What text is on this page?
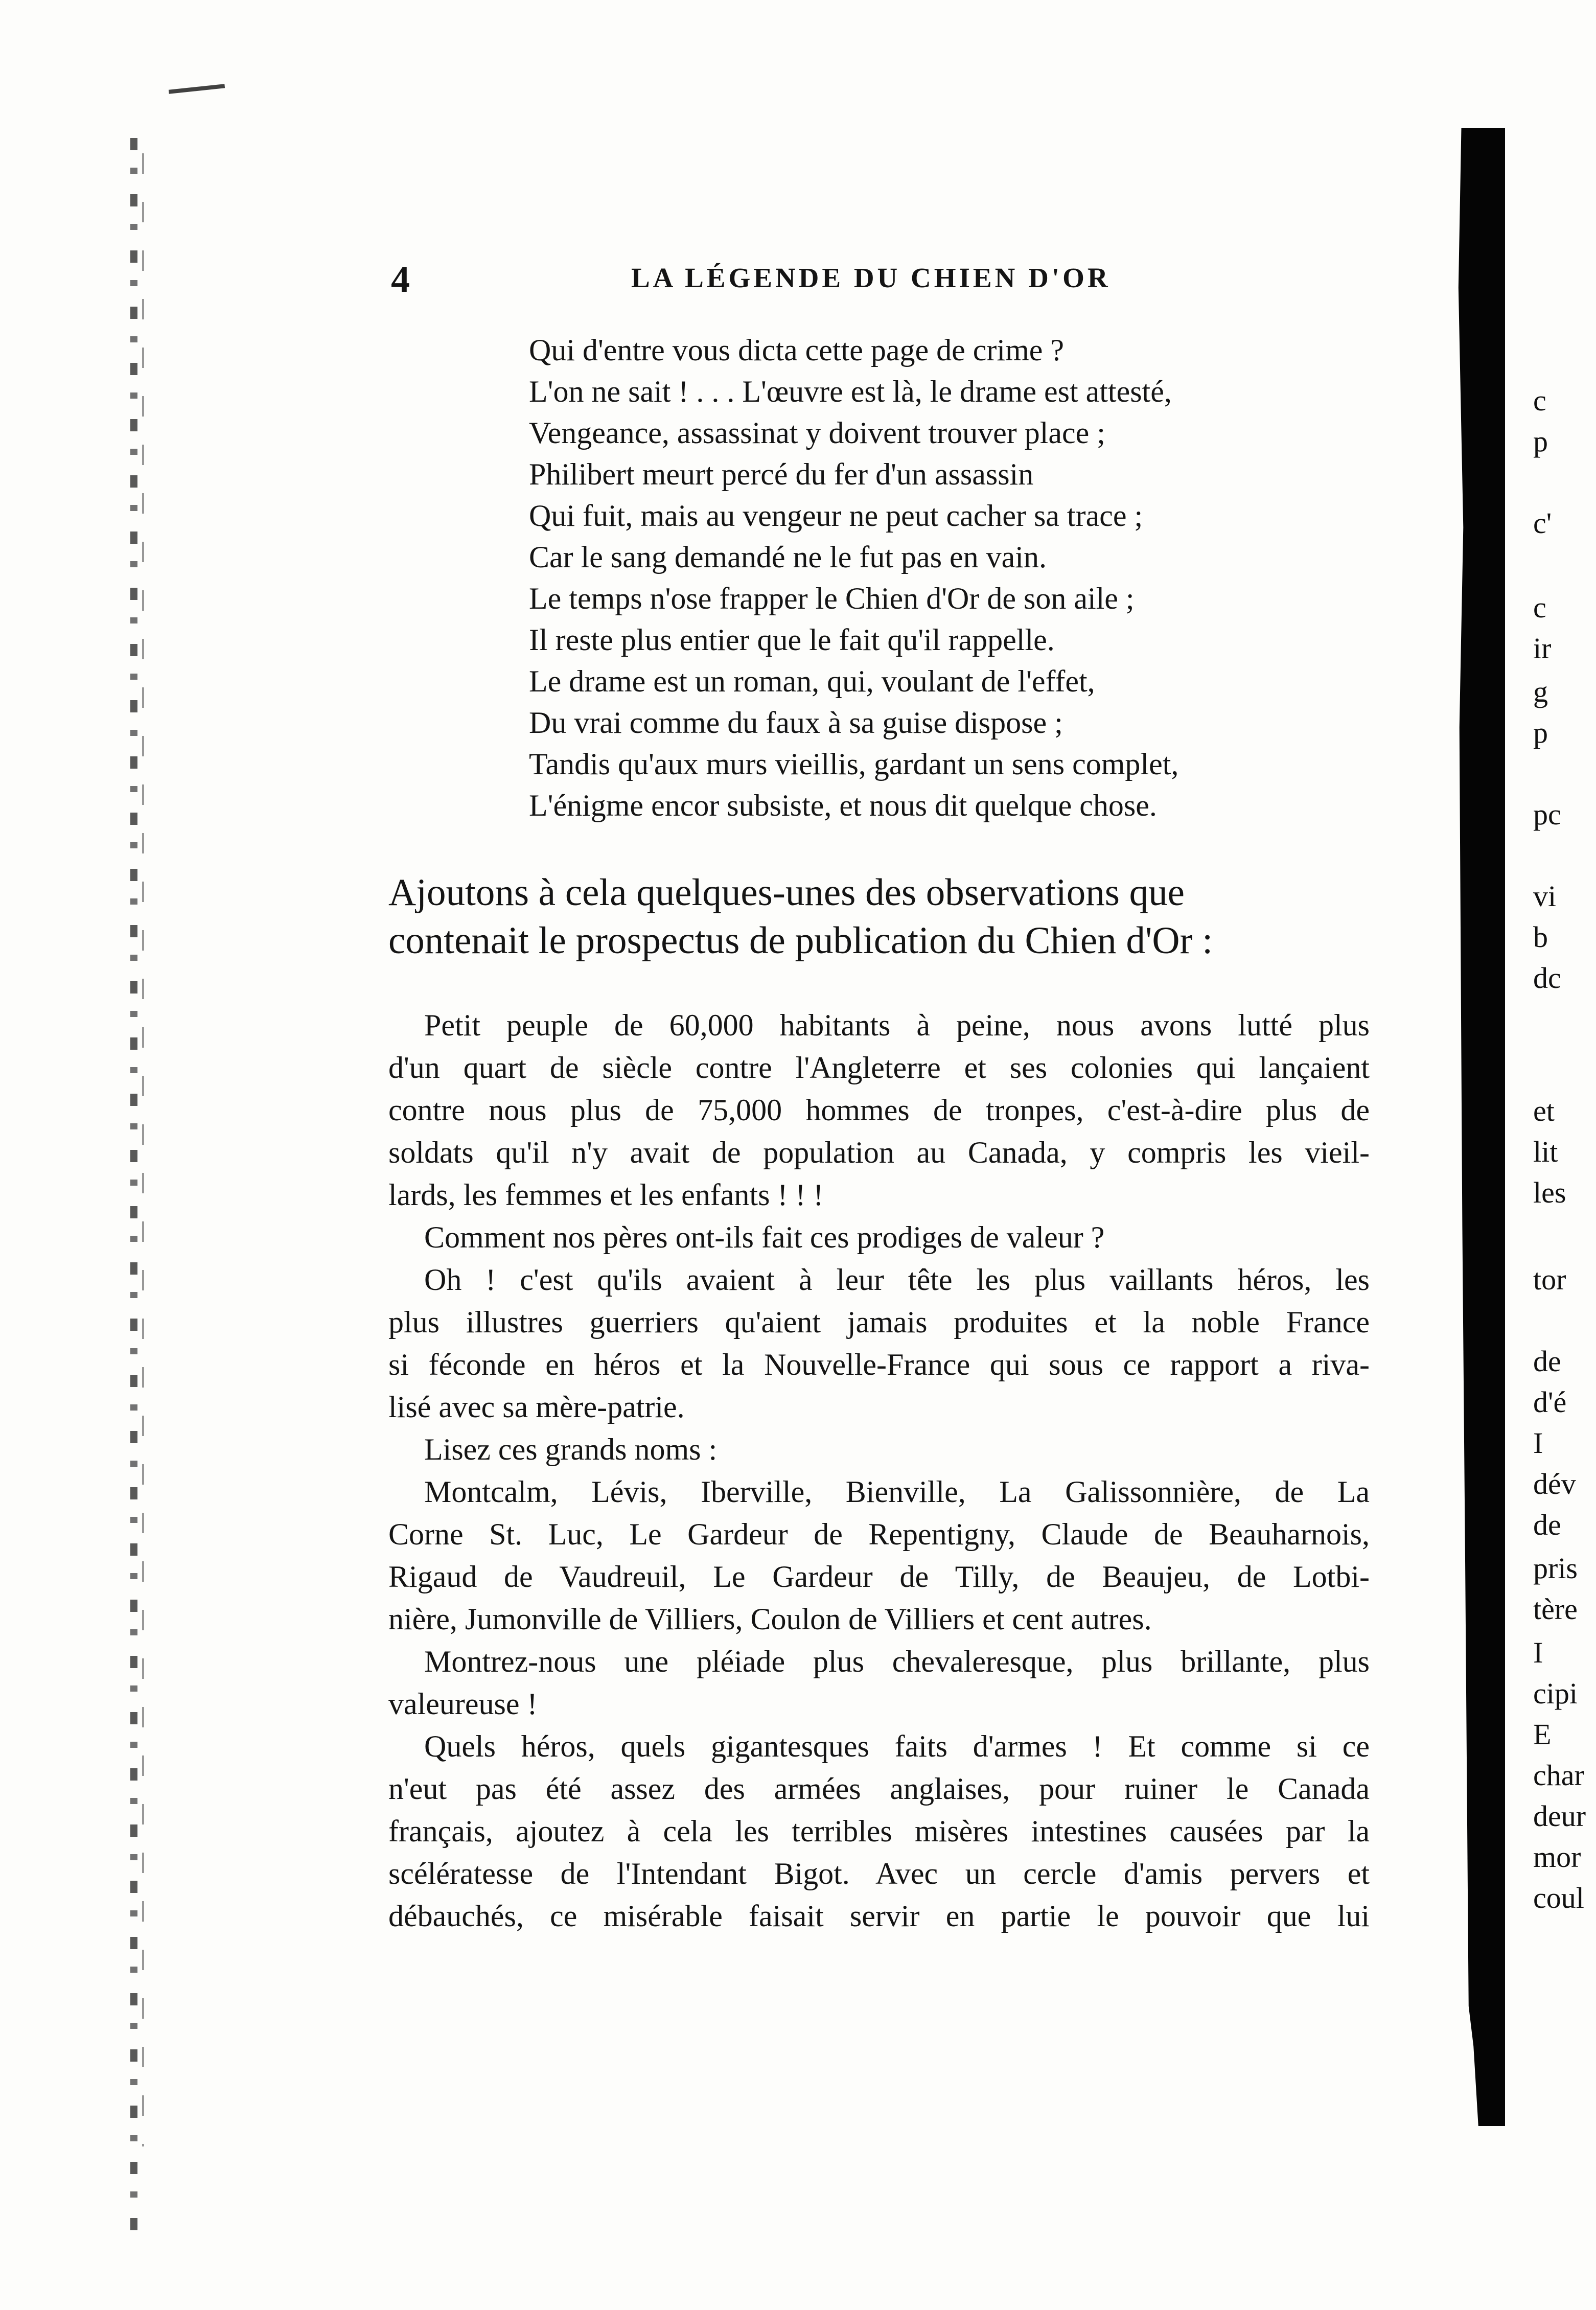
4	LA LÉGENDE DU CHIEN D'OR
Qui d'entre vous dicta cette page de crime ?
L'on ne sait ! . . . L'œuvre est là, le drame est attesté,
Vengeance, assassinat y doivent trouver place ;
Philibert meurt percé du fer d'un assassin
Qui fuit, mais au vengeur ne peut cacher sa trace ;
Car le sang demandé ne le fut pas en vain.
Le temps n'ose frapper le Chien d'Or de son aile ;
Il reste plus entier que le fait qu'il rappelle.
Le drame est un roman, qui, voulant de l'effet,
Du vrai comme du faux à sa guise dispose ;
Tandis qu'aux murs vieillis, gardant un sens complet,
L'énigme encor subsiste, et nous dit quelque chose.
Ajoutons à cela quelques-unes des observations que
contenait le prospectus de publication du Chien d'Or :
Petit peuple de 60,000 habitants à peine, nous avons lutté plus
d'un quart de siècle contre l'Angleterre et ses colonies qui lançaient
contre nous plus de 75,000 hommes de tronpes, c'est-à-dire plus de
soldats qu'il n'y avait de population au Canada, y compris les vieil-
lards, les femmes et les enfants ! ! !
Comment nos pères ont-ils fait ces prodiges de valeur ?
Oh ! c'est qu'ils avaient à leur tête les plus vaillants héros, les
plus illustres guerriers qu'aient jamais produites et la noble France
si féconde en héros et la Nouvelle-France qui sous ce rapport a riva-
lisé avec sa mère-patrie.
Lisez ces grands noms :
Montcalm, Lévis, Iberville, Bienville, La Galissonnière, de La
Corne St. Luc, Le Gardeur de Repentigny, Claude de Beauharnois,
Rigaud de Vaudreuil, Le Gardeur de Tilly, de Beaujeu, de Lotbi-
nière, Jumonville de Villiers, Coulon de Villiers et cent autres.
Montrez-nous une pléiade plus chevaleresque, plus brillante, plus
valeureuse !
Quels héros, quels gigantesques faits d'armes ! Et comme si ce
n'eut pas été assez des armées anglaises, pour ruiner le Canada
français, ajoutez à cela les terribles misères intestines causées par la
scélératesse de l'Intendant Bigot. Avec un cercle d'amis pervers et
débauchés, ce misérable faisait servir en partie le pouvoir que lui
c
p
c'
c
ir
g
p
pc
vi
b
dc
et
lit
les
tor
de
d'é
I
dév
de
pris
tère
I
cipi
E
char
deur
mor
coul
